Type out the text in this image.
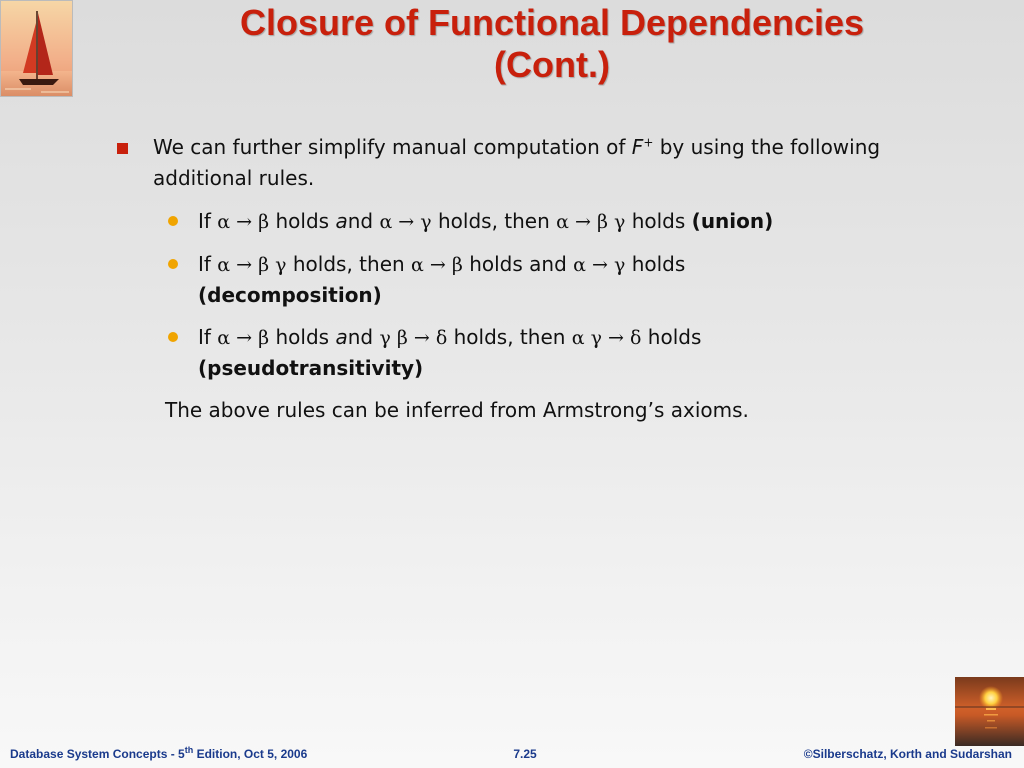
Closure of Functional Dependencies
(Cont.)
We can further simplify manual computation of F+ by using the following additional rules.
If α → β holds and α → γ holds, then α → β γ holds (union)
If α → β γ holds, then α → β holds and α → γ holds
(decomposition)
If α → β holds and γ β → δ holds, then α γ → δ holds
(pseudotransitivity)
The above rules can be inferred from Armstrong’s axioms.
Database System Concepts - 5th Edition, Oct 5, 2006	7.25	©Silberschatz, Korth and Sudarshan
